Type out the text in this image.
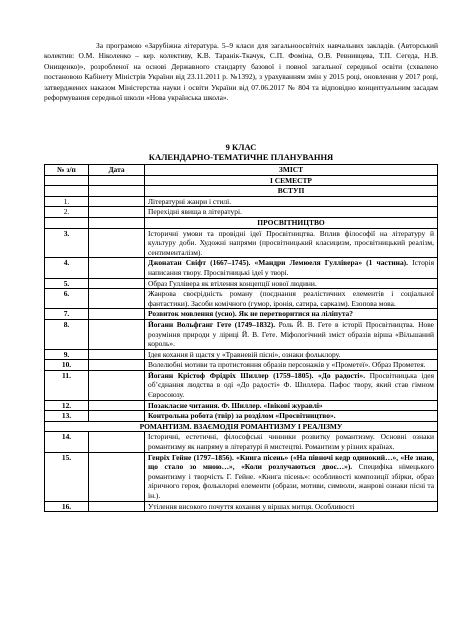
За програмою «Зарубіжна література. 5–9 класи для загальноосвітніх навчальних закладів. (Авторський колектив: О.М. Ніколенко – кер. колективу, К.В. Таранік-Ткачук, С.П. Фоміна, О.В. Ревнивцева, Т.П. Сегеда, Н.В. Онищенко)», розробленої на основі Державного стандарту базової і повної загальної середньої освіти (схвалено постановою Кабінету Міністрів України від 23.11.2011 р. №1392), з урахуванням змін у 2015 році, оновлення у 2017 році, затверджених наказом Міністерства науки і освіти України від 07.06.2017 № 804 та відповідно концептуальним засадам реформування середньої школи «Нова українська школа».

9 КЛАС
КАЛЕНДАРНО-ТЕМАТИЧНЕ ПЛАНУВАННЯ
№ з/п	Дата	ЗМІСТ
		І СЕМЕСТР
		ВСТУП
1.		Літературні жанри і стилі.
2.		Перехідні явища в літературі.
		ПРОСВІТНИЦТВО
3.		Історичні умови та провідні ідеї Просвітництва. Вплив філософії на літературу й культуру доби. Художні напрями (просвітницький класицизм, просвітницький реалізм, сентименталізм).
4.		Джонатан Свіфт (1667–1745). «Мандри Лемюеля Гуллівера» (1 частина). Історія написання твору. Просвітницькі ідеї у творі.
5.		Образ Гуллівера як втілення концепції нової людини.
6.		Жанрова своєрідність роману (поєднання реалістичних елементів і соціальної фантастики). Засоби комічного (гумор, іронія, сатира, сарказм). Езопова мова.
7.		Розвиток мовлення (усно). Як не перетворитися на ліліпута?
8.		Йоганн Вольфганг Гете (1749–1832). Роль Й. В. Гете в історії Просвітництва. Нове розуміння природи у ліриці Й. В. Гете. Міфологічний зміст образів вірша «Вільшаний король».
9.		Ідея кохання й щастя у «Травневій пісні», ознаки фольклору.
10.		Волелюбні мотиви та протистояння образів персонажів у «Прометеї». Образ Прометея.
11.		Йоганн Крістоф Фрідріх Шиллер (1759–1805). «До радості». Просвітницька ідея об’єднання людства в оді «До радості» Ф. Шиллера. Пафос твору, який став гімном Євросоюзу.
12.		Позакласне читання. Ф. Шиллер. «Івікові журавлі»
13.		Контрольна робота (твір) за розділом «Просвітництво».
РОМАНТИЗМ. ВЗАЄМОДІЯ РОМАНТИЗМУ І РЕАЛІЗМУ		
14.		Історичні, естетичні, філософські чинники розвитку романтизму. Основні ознаки романтизму як напряму в літературі й мистецтві. Романтизм у різних країнах.
15.		Генріх Гейне (1797–1856). «Книга пісень» («На півночі кедр одинокий…», «Не знаю, що стало зо мною…», «Коли розлучаються двоє…»). Специфіка німецького романтизму і творчість Г. Гейне. «Книга пісень»: особливості композиції збірки, образ ліричного героя, фольклорні елементи (образи, мотиви, символи, жанрові ознаки пісні та ін.).
16.		Утілення високого почуття кохання у віршах митця. Особливості
